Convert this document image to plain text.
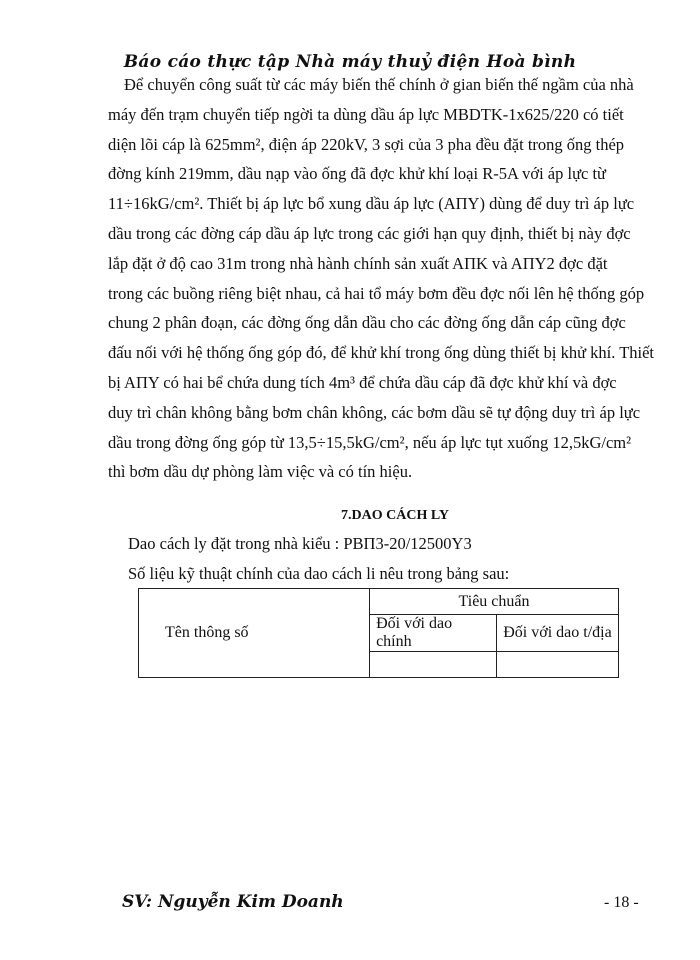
Báo cáo thực tập Nhà máy thuỷ điện Hoà bình
Để chuyển công suất từ các máy biến thế chính ở gian biến thế ngầm của nhà
máy đến trạm chuyển tiếp ngời ta dùng dầu áp lực MBDTK-1x625/220 có tiết
diện lõi cáp là 625mm², điện áp 220kV, 3 sợi của 3 pha đều đặt trong ống thép
đờng kính 219mm, dầu nạp vào ống đã đợc khử khí loại R-5A với áp lực từ
11÷16kG/cm². Thiết bị áp lực bổ xung dầu áp lực (AΠY) dùng để duy trì áp lực
dầu trong các đờng cáp dầu áp lực trong các giới hạn quy định, thiết bị này đợc
lắp đặt ở độ cao 31m trong nhà hành chính sản xuất AΠK và AΠY2 đợc đặt
trong các buồng riêng biệt nhau, cả hai tổ máy bơm đều đợc nối lên hệ thống góp
chung 2 phân đoạn, các đờng ống dẫn dầu cho các đờng ống dẫn cáp cũng đợc
đấu nối với hệ thống ống góp đó, để khử khí trong ống dùng thiết bị khử khí. Thiết
bị AΠY có hai bể chứa dung tích 4m³ để chứa dầu cáp đã đợc khử khí và đợc
duy trì chân không bằng bơm chân không, các bơm dầu sẽ tự động duy trì áp lực
dầu trong đờng ống góp từ 13,5÷15,5kG/cm², nếu áp lực tụt xuống 12,5kG/cm²
thì bơm dầu dự phòng làm việc và có tín hiệu.
7.DAO CÁCH LY
Dao cách ly đặt trong nhà kiểu : PBΠ3-20/12500Y3
Số liệu kỹ thuật chính của dao cách li nêu trong bảng sau:
Tên thông số	Tiêu chuẩn	
	Đối với dao chính	Đối với dao t/địa

SV: Nguyễn Kim Doanh	- 18 -
